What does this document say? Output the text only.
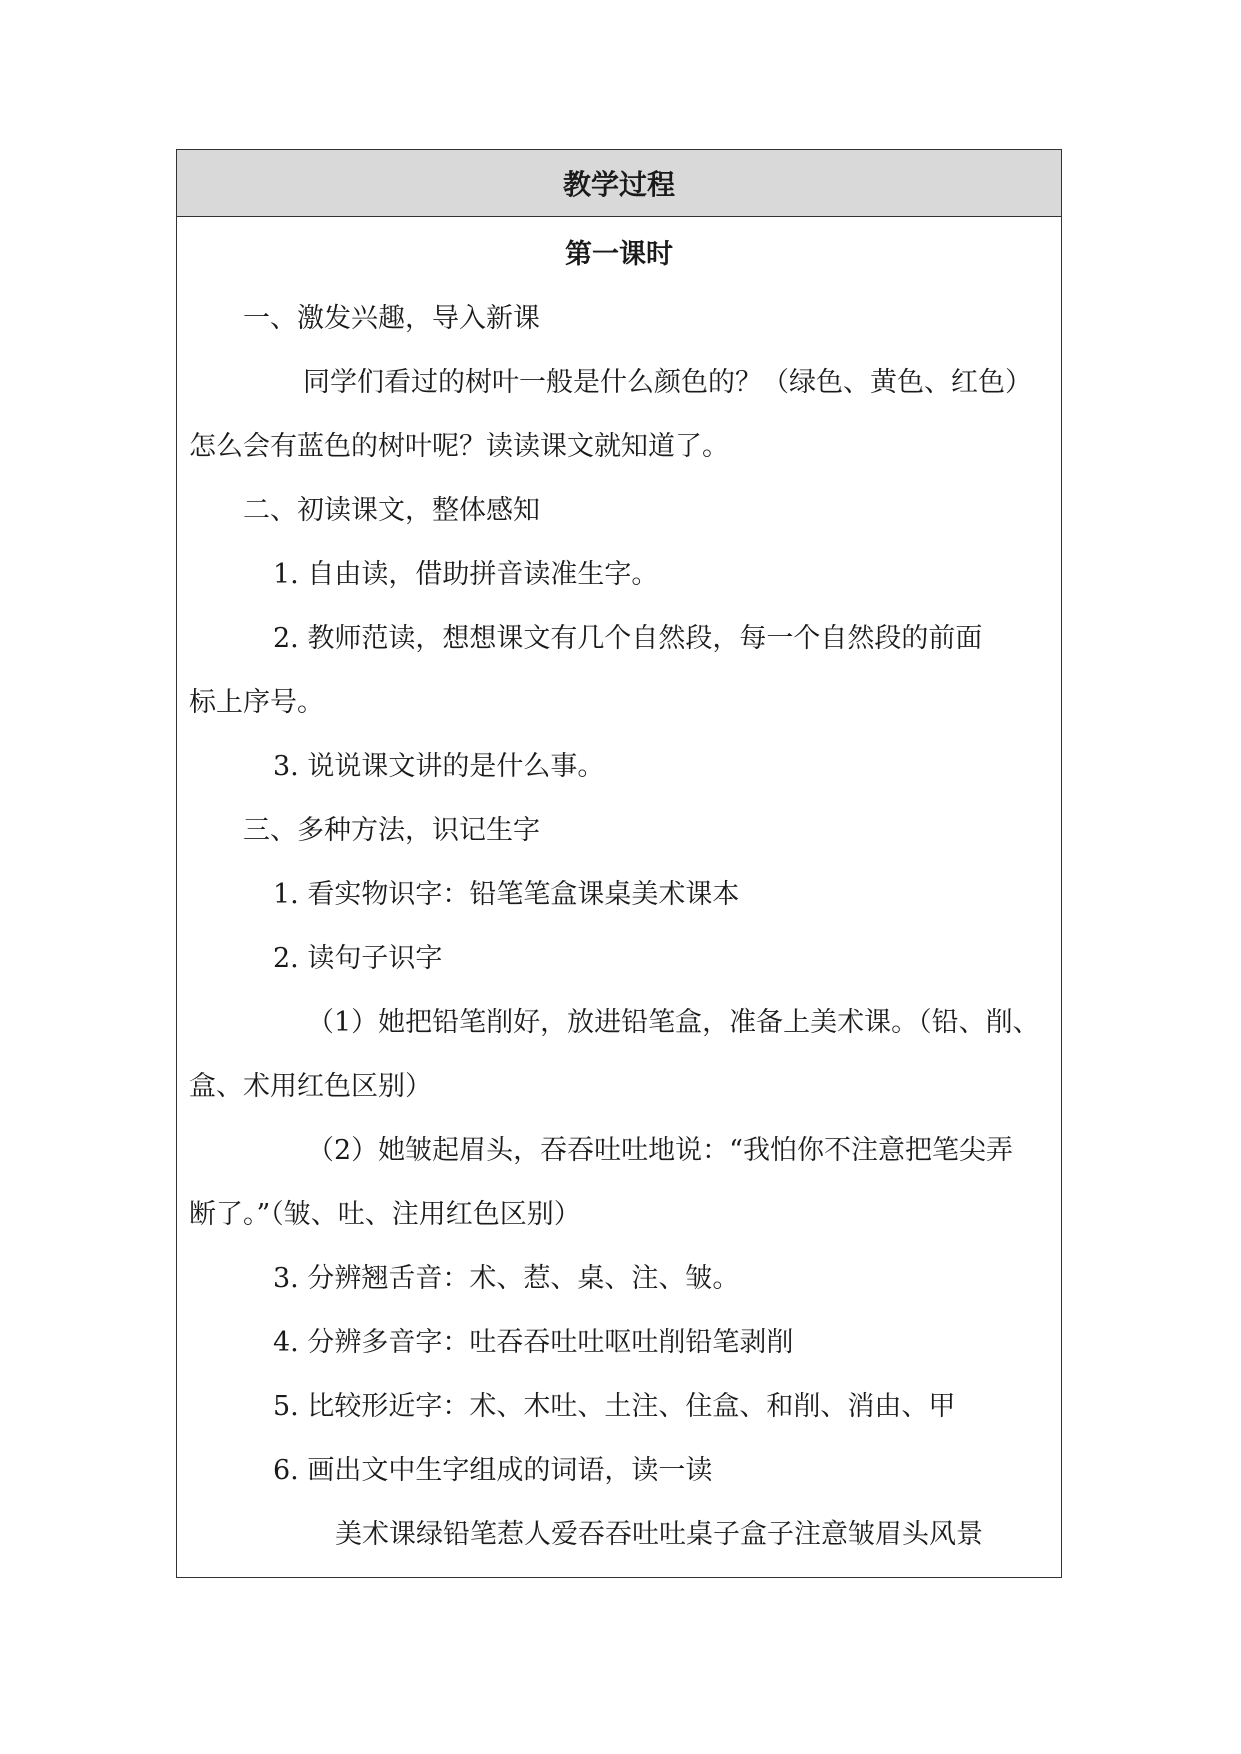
教学过程
第一课时
一、激发兴趣，导入新课
同学们看过的树叶一般是什么颜色的？（绿色、黄色、红色）
怎么会有蓝色的树叶呢？读读课文就知道了。
二、初读课文，整体感知
1. 自由读，借助拼音读准生字。
2. 教师范读，想想课文有几个自然段，每一个自然段的前面
标上序号。
3. 说说课文讲的是什么事。
三、多种方法，识记生字
1. 看实物识字：铅笔笔盒课桌美术课本
2. 读句子识字
（1）她把铅笔削好，放进铅笔盒，准备上美术课。（铅、削、
盒、术用红色区别）
（2）她皱起眉头，吞吞吐吐地说：“我怕你不注意把笔尖弄
断了。”（皱、吐、注用红色区别）
3. 分辨翘舌音：术、惹、桌、注、皱。
4. 分辨多音字：吐吞吞吐吐呕吐削铅笔剥削
5. 比较形近字：术、木吐、土注、住盒、和削、消由、甲
6. 画出文中生字组成的词语，读一读
美术课绿铅笔惹人爱吞吞吐吐桌子盒子注意皱眉头风景
